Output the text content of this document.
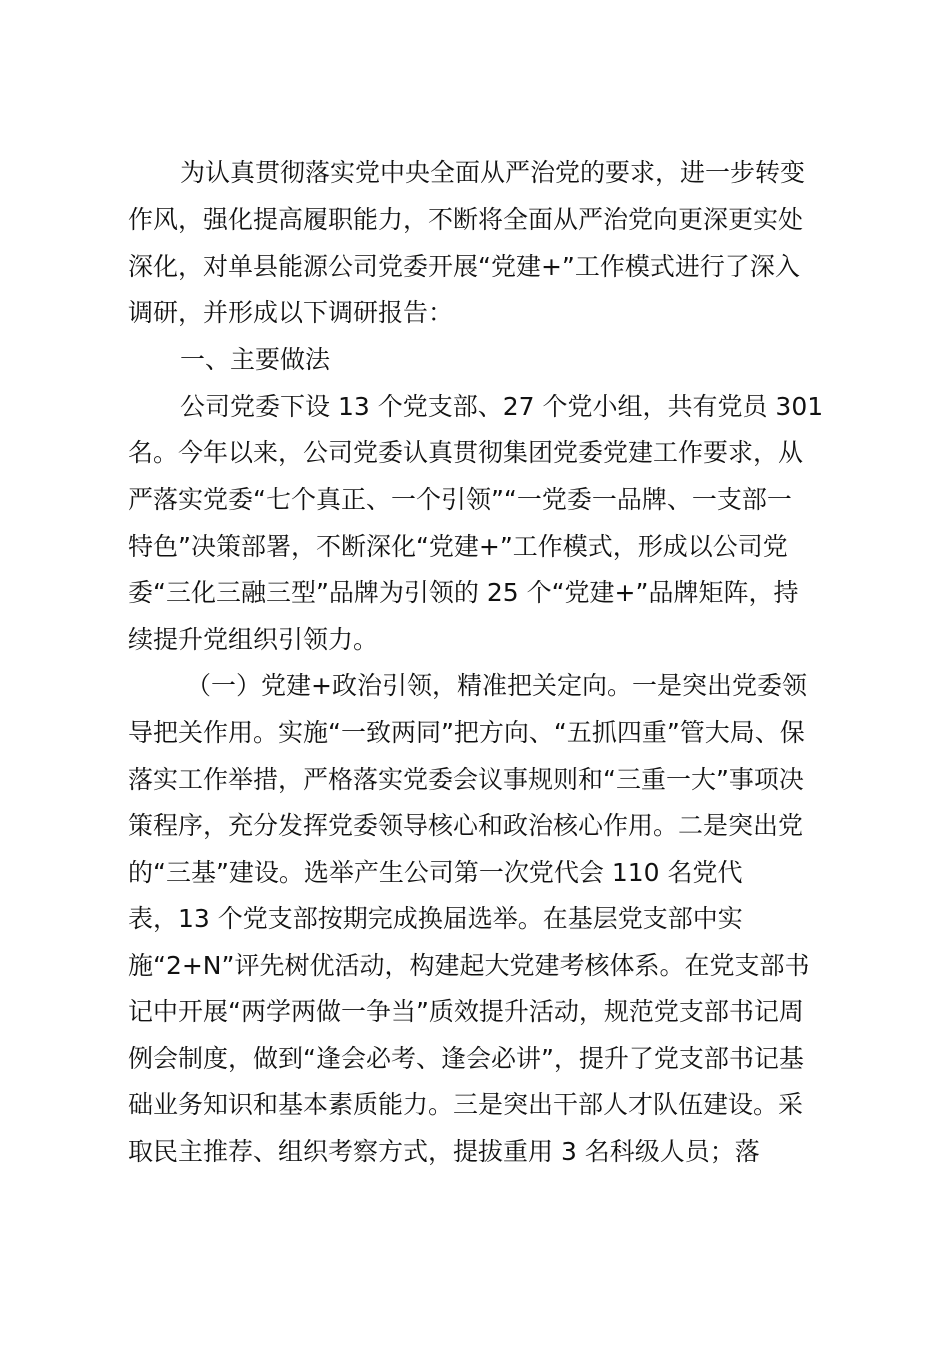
为认真贯彻落实党中央全面从严治党的要求，进一步转变

作风，强化提高履职能力，不断将全面从严治党向更深更实处

深化，对单县能源公司党委开展“党建+”工作模式进行了深入

调研，并形成以下调研报告：

一、主要做法

公司党委下设 13 个党支部、27 个党小组，共有党员 301

名。今年以来，公司党委认真贯彻集团党委党建工作要求，从

严落实党委“七个真正、一个引领”“一党委一品牌、一支部一

特色”决策部署，不断深化“党建+”工作模式，形成以公司党

委“三化三融三型”品牌为引领的 25 个“党建+”品牌矩阵，持

续提升党组织引领力。

（一）党建+政治引领，精准把关定向。一是突出党委领

导把关作用。实施“一致两同”把方向、“五抓四重”管大局、保

落实工作举措，严格落实党委会议事规则和“三重一大”事项决

策程序，充分发挥党委领导核心和政治核心作用。二是突出党

的“三基”建设。选举产生公司第一次党代会 110 名党代

表，13 个党支部按期完成换届选举。在基层党支部中实

施“2+N”评先树优活动，构建起大党建考核体系。在党支部书

记中开展“两学两做一争当”质效提升活动，规范党支部书记周

例会制度，做到“逢会必考、逢会必讲”，提升了党支部书记基

础业务知识和基本素质能力。三是突出干部人才队伍建设。采

取民主推荐、组织考察方式，提拔重用 3 名科级人员；落
